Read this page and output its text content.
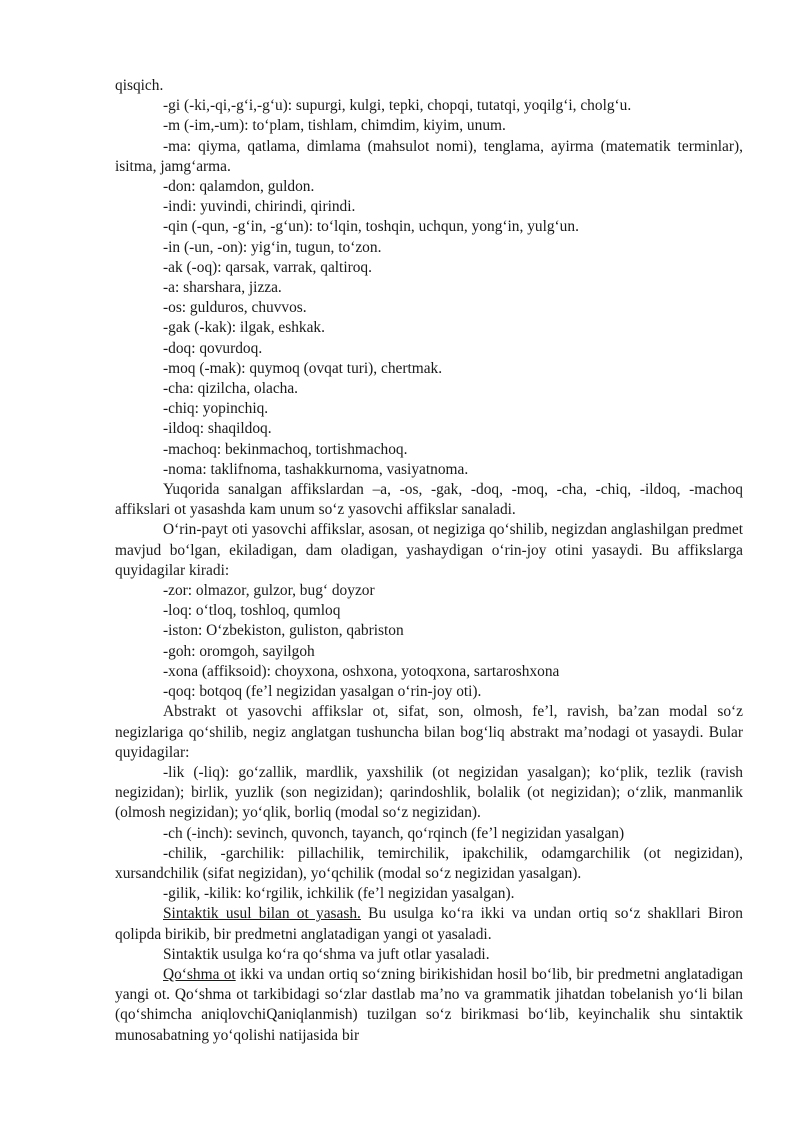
qisqich.

-gi (-ki,-qi,-g‘i,-g‘u): supurgi, kulgi, tepki, chopqi, tutatqi, yoqilg‘i, cholg‘u.

-m (-im,-um): to‘plam, tishlam, chimdim, kiyim, unum.

-ma: qiyma, qatlama, dimlama (mahsulot nomi), tenglama, ayirma (matematik terminlar), isitma, jamg‘arma.

-don: qalamdon, guldon.

-indi: yuvindi, chirindi, qirindi.

-qin (-qun, -g‘in, -g‘un): to‘lqin, toshqin, uchqun, yong‘in, yulg‘un.

-in (-un, -on): yig‘in, tugun, to‘zon.

-ak (-oq): qarsak, varrak, qaltiroq.

-a: sharshara, jizza.

-os: gulduros, chuvvos.

-gak (-kak): ilgak, eshkak.

-doq: qovurdoq.

-moq (-mak): quymoq (ovqat turi), chertmak.

-cha: qizilcha, olacha.

-chiq: yopinchiq.

-ildoq: shaqildoq.

-machoq: bekinmachoq, tortishmachoq.

-noma: taklifnoma, tashakkurnoma, vasiyatnoma.

Yuqorida sanalgan affikslardan –a, -os, -gak, -doq, -moq, -cha, -chiq, -ildoq, -machoq affikslari ot yasashda kam unum so‘z yasovchi affikslar sanaladi.

O‘rin-payt oti yasovchi affikslar, asosan, ot negiziga qo‘shilib, negizdan anglashilgan predmet mavjud bo‘lgan, ekiladigan, dam oladigan, yashaydigan o‘rin-joy otini yasaydi. Bu affikslarga quyidagilar kiradi:

-zor: olmazor, gulzor, bug‘ doyzor

-loq: o‘tloq, toshloq, qumloq

-iston: O‘zbekiston, guliston, qabriston

-goh: oromgoh, sayilgoh

-xona (affiksoid): choyxona, oshxona, yotoqxona, sartaroshxona

-qoq: botqoq (fe’l negizidan yasalgan o‘rin-joy oti).

Abstrakt ot yasovchi affikslar ot, sifat, son, olmosh, fe’l, ravish, ba’zan modal so‘z negizlariga qo‘shilib, negiz anglatgan tushuncha bilan bog‘liq abstrakt ma’nodagi ot yasaydi. Bular quyidagilar:

-lik (-liq): go‘zallik, mardlik, yaxshilik (ot negizidan yasalgan); ko‘plik, tezlik (ravish negizidan); birlik, yuzlik (son negizidan); qarindoshlik, bolalik (ot negizidan); o‘zlik, manmanlik (olmosh negizidan); yo‘qlik, borliq (modal so‘z negizidan).

-ch (-inch): sevinch, quvonch, tayanch, qo‘rqinch (fe’l negizidan yasalgan)

-chilik, -garchilik: pillachilik, temirchilik, ipakchilik, odamgarchilik (ot negizidan), xursandchilik (sifat negizidan), yo‘qchilik (modal so‘z negizidan yasalgan).

-gilik, -kilik: ko‘rgilik, ichkilik (fe’l negizidan yasalgan).

Sintaktik usul bilan ot yasash. Bu usulga ko‘ra ikki va undan ortiq so‘z shakllari Biron qolipda birikib, bir predmetni anglatadigan yangi ot yasaladi.

Sintaktik usulga ko‘ra qo‘shma va juft otlar yasaladi.

Qo‘shma ot ikki va undan ortiq so‘zning birikishidan hosil bo‘lib, bir predmetni anglatadigan yangi ot. Qo‘shma ot tarkibidagi so‘zlar dastlab ma’no va grammatik jihatdan tobelanish yo‘li bilan (qo‘shimcha aniqlovchiQaniqlanmish) tuzilgan so‘z birikmasi bo‘lib, keyinchalik shu sintaktik munosabatning yo‘qolishi natijasida bir
